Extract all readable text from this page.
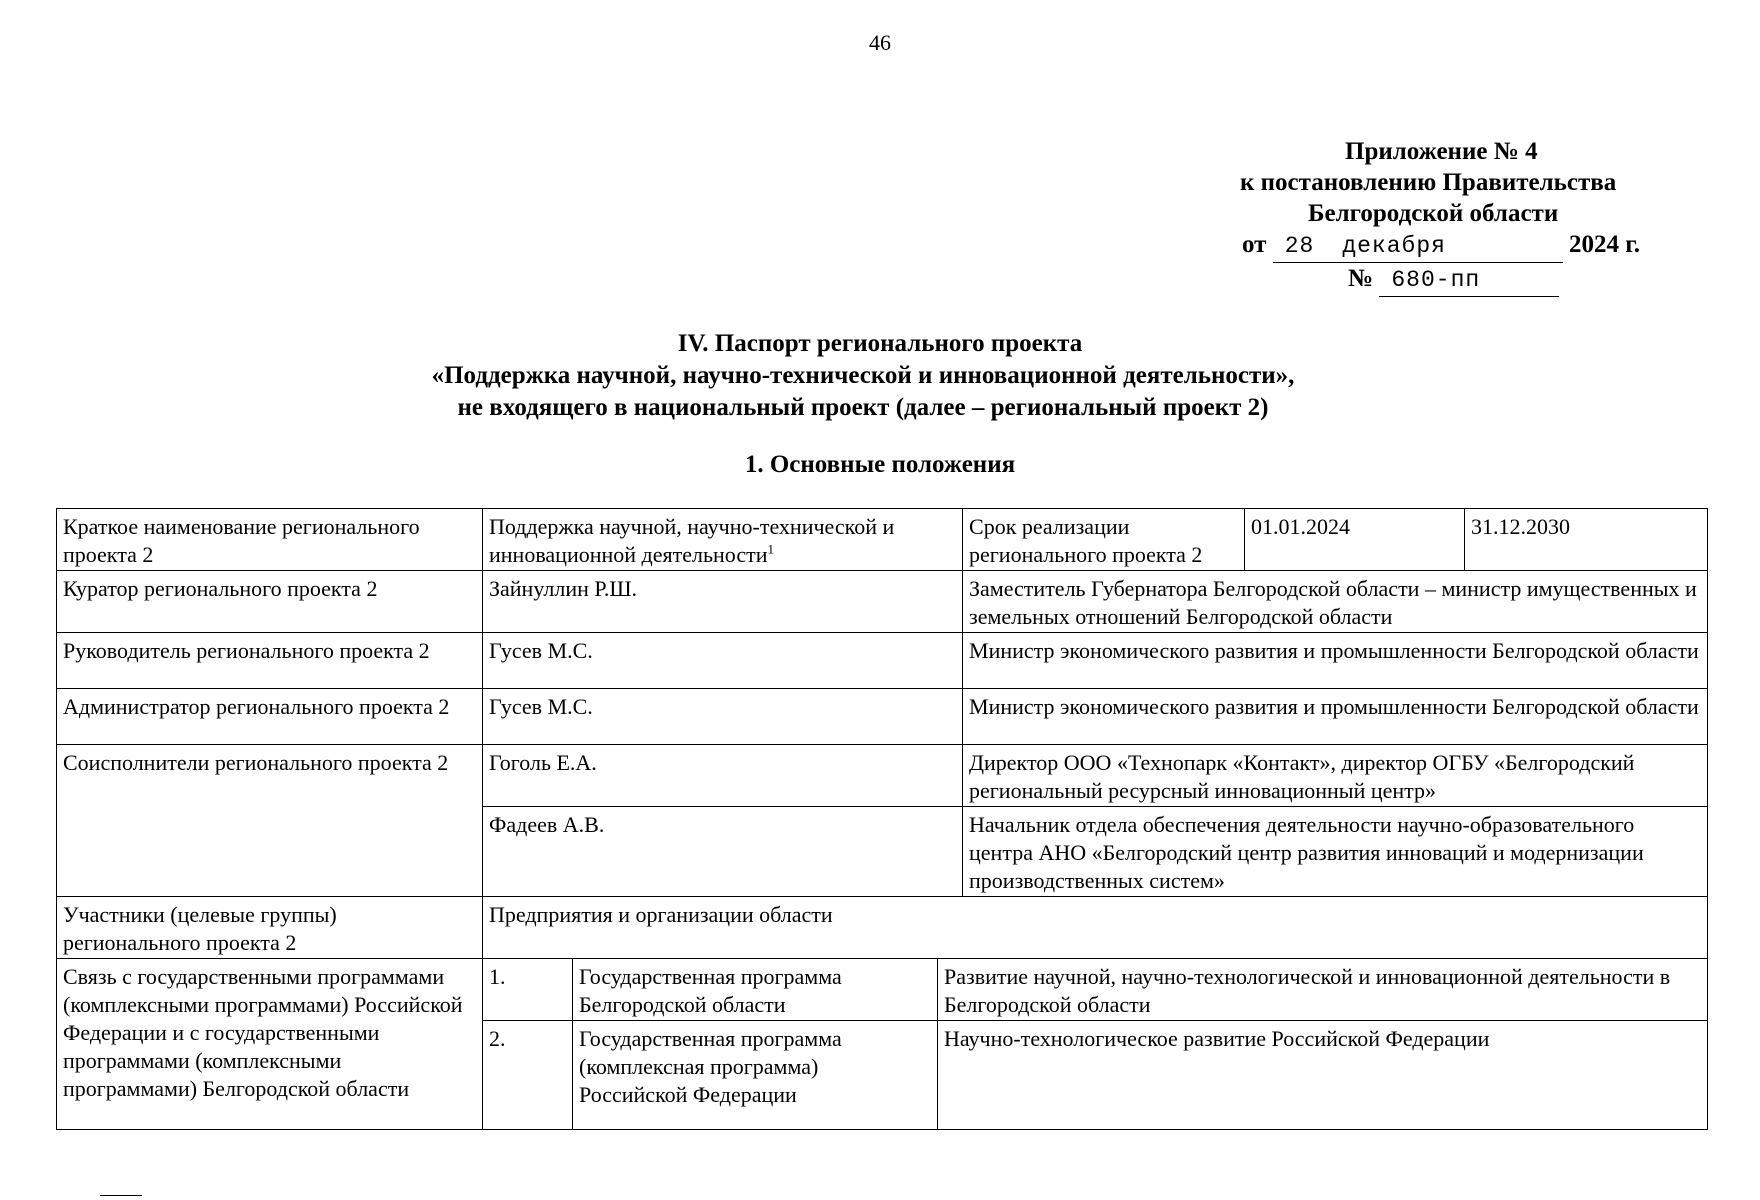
46
Приложение № 4
к постановлению Правительства
Белгородской области
от 28 декабря	2024 г.
№ 680-пп
IV. Паспорт регионального проекта
«Поддержка научной, научно-технической и инновационной деятельности»,
не входящего в национальный проект (далее – региональный проект 2)
1. Основные положения
Краткое наименование регионального проекта 2	Поддержка научной, научно-технической и инновационной деятельности$^1$			Срок реализации регионального проекта 2	01.01.2024	31.12.2030
Куратор регионального проекта 2	Зайнуллин Р.Ш.			Заместитель Губернатора Белгородской области – министр имущественных и земельных отношений Белгородской области		
Руководитель регионального проекта 2	Гусев М.С.			Министр экономического развития и промышленности Белгородской области		
Администратор регионального проекта 2	Гусев М.С.			Министр экономического развития и промышленности Белгородской области		
Соисполнители регионального проекта 2	Гоголь Е.А.			Директор ООО «Технопарк «Контакт», директор ОГБУ «Белгородский региональный ресурсный инновационный центр»		
	Фадеев А.В.			Начальник отдела обеспечения деятельности научно-образовательного центра АНО «Белгородский центр развития инноваций и модернизации производственных систем»		
Участники (целевые группы) регионального проекта 2	Предприятия и организации области					
Связь с государственными программами (комплексными программами) Российской Федерации и с государственными программами (комплексными программами) Белгородской области	1.	Государственная программа Белгородской области	Развитие научной, научно-технологической и инновационной деятельности в Белгородской области			
	2.	Государственная программа (комплексная программа) Российской Федерации	Научно-технологическое развитие Российской Федерации			
